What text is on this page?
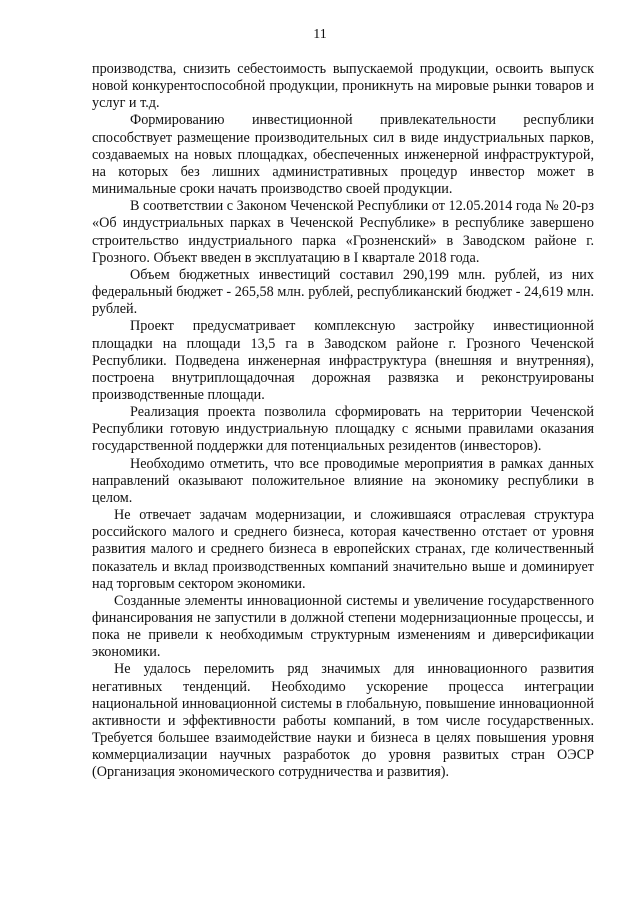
11

производства, снизить себестоимость выпускаемой продукции, освоить выпуск новой конкурентоспособной продукции, проникнуть на мировые рынки товаров и услуг и т.д.

Формированию инвестиционной привлекательности республики способствует размещение производительных сил в виде индустриальных парков, создаваемых на новых площадках, обеспеченных инженерной инфраструктурой, на которых без лишних административных процедур инвестор может в минимальные сроки начать производство своей продукции.

В соответствии с Законом Чеченской Республики от 12.05.2014 года № 20-рз «Об индустриальных парках в Чеченской Республике» в республике завершено строительство индустриального парка «Грозненский» в Заводском районе г. Грозного. Объект введен в эксплуатацию в I квартале 2018 года.

Объем бюджетных инвестиций составил 290,199 млн. рублей, из них федеральный бюджет - 265,58 млн. рублей, республиканский бюджет - 24,619 млн. рублей.

Проект предусматривает комплексную застройку инвестиционной площадки на площади 13,5 га в Заводском районе г. Грозного Чеченской Республики. Подведена инженерная инфраструктура (внешняя и внутренняя), построена внутриплощадочная дорожная развязка и реконструированы производственные площади.

Реализация проекта позволила сформировать на территории Чеченской Республики готовую индустриальную площадку с ясными правилами оказания государственной поддержки для потенциальных резидентов (инвесторов).

Необходимо отметить, что все проводимые мероприятия в рамках данных направлений оказывают положительное влияние на экономику республики в целом.

Не отвечает задачам модернизации, и сложившаяся отраслевая структура российского малого и среднего бизнеса, которая качественно отстает от уровня развития малого и среднего бизнеса в европейских странах, где количественный показатель и вклад производственных компаний значительно выше и доминирует над торговым сектором экономики.

Созданные элементы инновационной системы и увеличение государственного финансирования не запустили в должной степени модернизационные процессы, и пока не привели к необходимым структурным изменениям и диверсификации экономики.

Не удалось переломить ряд значимых для инновационного развития негативных тенденций. Необходимо ускорение процесса интеграции национальной инновационной системы в глобальную, повышение инновационной активности и эффективности работы компаний, в том числе государственных. Требуется большее взаимодействие науки и бизнеса в целях повышения уровня коммерциализации научных разработок до уровня развитых стран ОЭСР (Организация экономического сотрудничества и развития).
